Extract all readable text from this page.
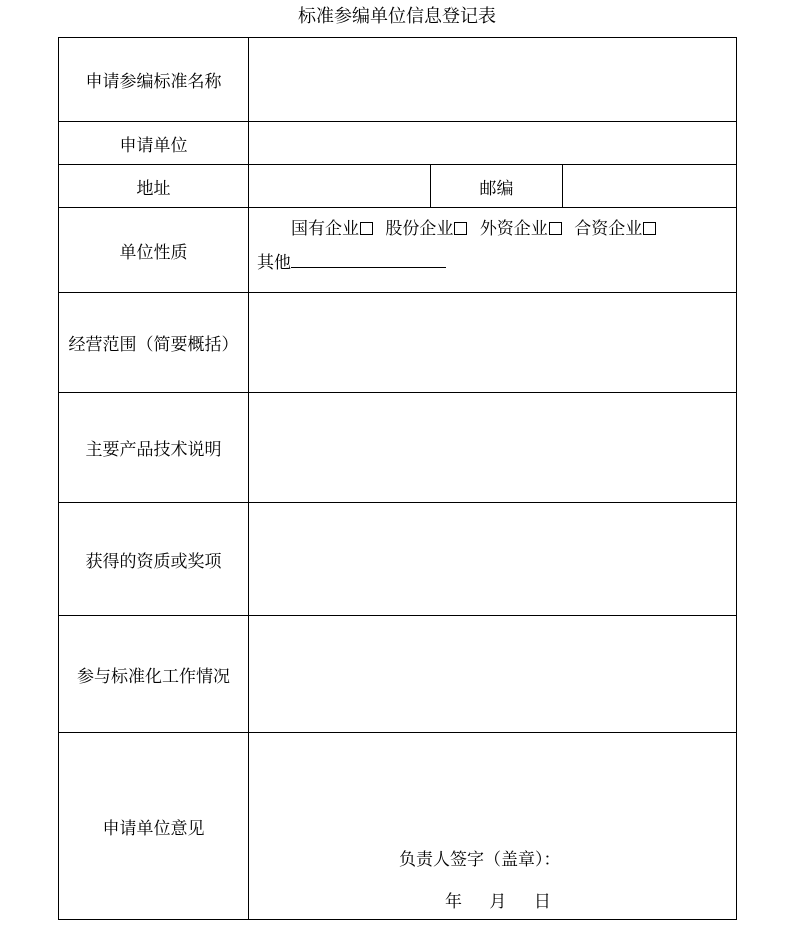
标准参编单位信息登记表
申请参编标准名称			
申请单位			
地址		邮编	
单位性质	国有企业 股份企业 外资企业 合资企业
其他		

经营范围（简要概括）			
主要产品技术说明			
获得的资质或奖项			
参与标准化工作情况			
申请单位意见	负责人签字（盖章）：
年 月 日		
